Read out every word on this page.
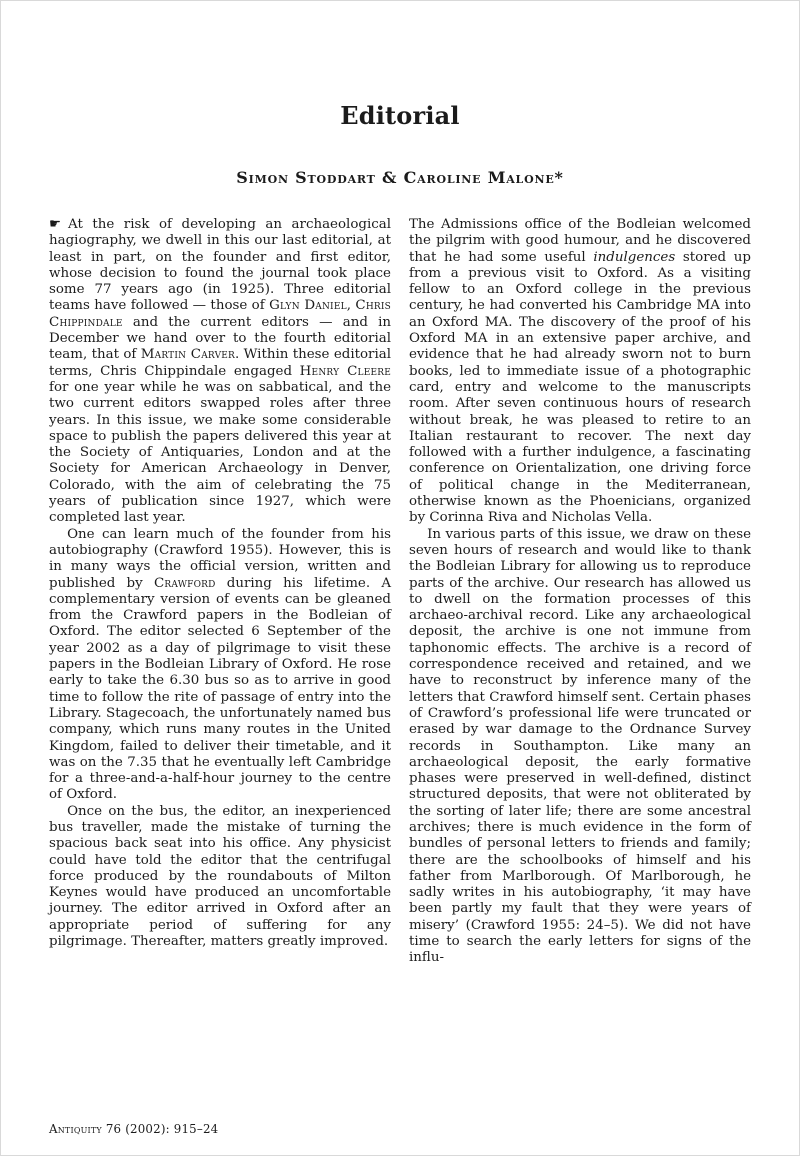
Editorial
Simon Stoddart & Caroline Malone*

☛ At the risk of developing an archaeological hagiography, we dwell in this our last editorial, at least in part, on the founder and first editor, whose decision to found the journal took place some 77 years ago (in 1925). Three editorial teams have followed — those of Glyn Daniel, Chris Chippindale and the current editors — and in December we hand over to the fourth editorial team, that of Martin Carver. Within these editorial terms, Chris Chippindale engaged Henry Cleere for one year while he was on sabbatical, and the two current editors swapped roles after three years. In this issue, we make some considerable space to publish the papers delivered this year at the Society of Antiquaries, London and at the Society for American Archaeology in Denver, Colorado, with the aim of celebrating the 75 years of publication since 1927, which were completed last year.

One can learn much of the founder from his autobiography (Crawford 1955). However, this is in many ways the official version, written and published by Crawford during his lifetime. A complementary version of events can be gleaned from the Crawford papers in the Bodleian of Oxford. The editor selected 6 September of the year 2002 as a day of pilgrimage to visit these papers in the Bodleian Library of Oxford. He rose early to take the 6.30 bus so as to arrive in good time to follow the rite of passage of entry into the Library. Stagecoach, the unfortunately named bus company, which runs many routes in the United Kingdom, failed to deliver their timetable, and it was on the 7.35 that he eventually left Cambridge for a three-and-a-half-hour journey to the centre of Oxford.

Once on the bus, the editor, an inexperienced bus traveller, made the mistake of turning the spacious back seat into his office. Any physicist could have told the editor that the centrifugal force produced by the roundabouts of Milton Keynes would have produced an uncomfortable journey. The editor arrived in Oxford after an appropriate period of suffering for any pilgrimage. Thereafter, matters greatly improved.

The Admissions office of the Bodleian welcomed the pilgrim with good humour, and he discovered that he had some useful indulgences stored up from a previous visit to Oxford. As a visiting fellow to an Oxford college in the previous century, he had converted his Cambridge MA into an Oxford MA. The discovery of the proof of his Oxford MA in an extensive paper archive, and evidence that he had already sworn not to burn books, led to immediate issue of a photographic card, entry and welcome to the manuscripts room. After seven continuous hours of research without break, he was pleased to retire to an Italian restaurant to recover. The next day followed with a further indulgence, a fascinating conference on Orientalization, one driving force of political change in the Mediterranean, otherwise known as the Phoenicians, organized by Corinna Riva and Nicholas Vella.

In various parts of this issue, we draw on these seven hours of research and would like to thank the Bodleian Library for allowing us to reproduce parts of the archive. Our research has allowed us to dwell on the formation processes of this archaeo-archival record. Like any archaeological deposit, the archive is one not immune from taphonomic effects. The archive is a record of correspondence received and retained, and we have to reconstruct by inference many of the letters that Crawford himself sent. Certain phases of Crawford’s professional life were truncated or erased by war damage to the Ordnance Survey records in Southampton. Like many an archaeological deposit, the early formative phases were preserved in well-defined, distinct structured deposits, that were not obliterated by the sorting of later life; there are some ancestral archives; there is much evidence in the form of bundles of personal letters to friends and family; there are the schoolbooks of himself and his father from Marlborough. Of Marlborough, he sadly writes in his autobiography, ‘it may have been partly my fault that they were years of misery’ (Crawford 1955: 24–5). We did not have time to search the early letters for signs of the influ-

Antiquity 76 (2002): 915–24
